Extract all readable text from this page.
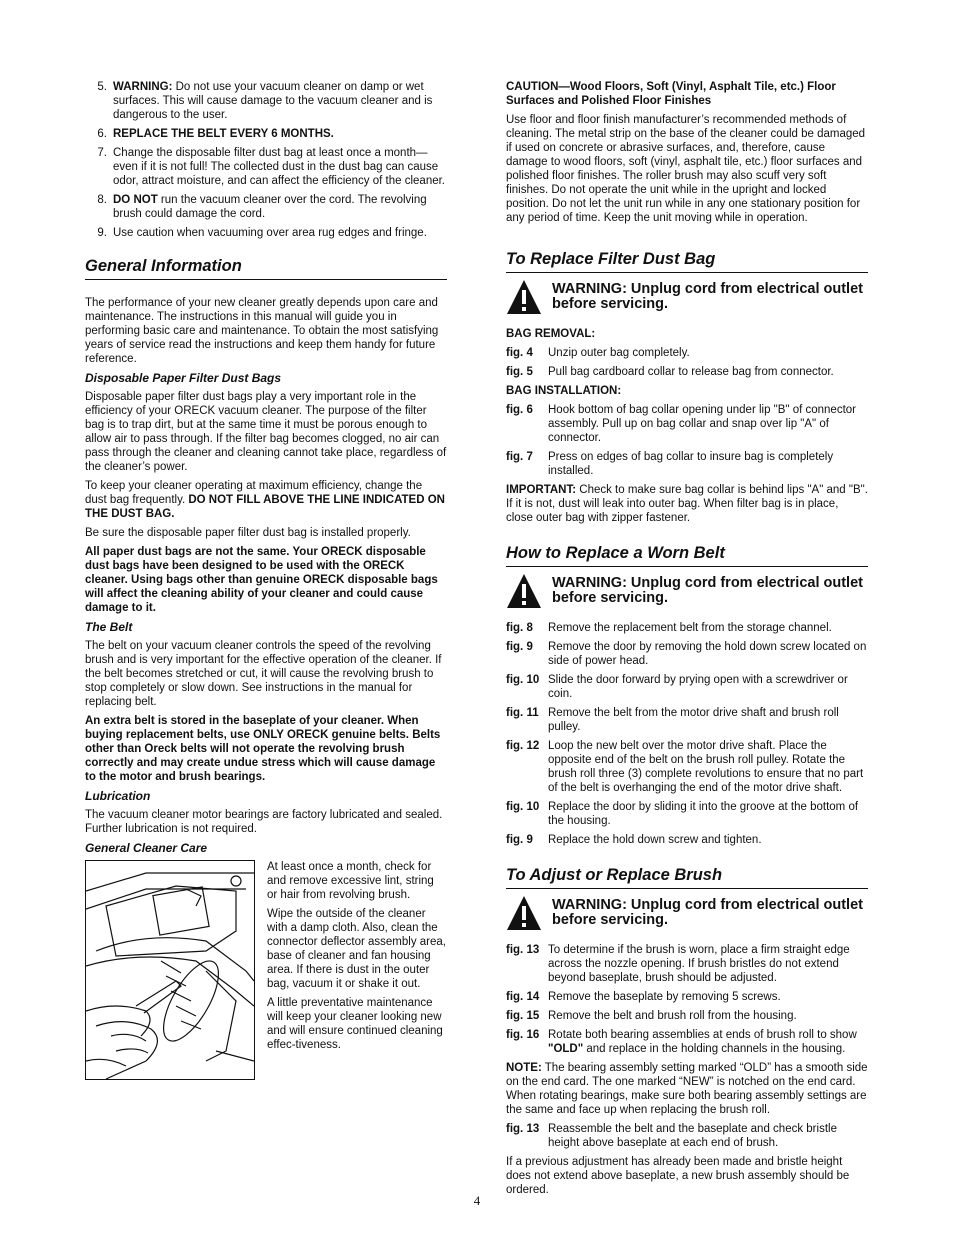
5. WARNING: Do not use your vacuum cleaner on damp or wet surfaces. This will cause damage to the vacuum cleaner and is dangerous to the user.
6. REPLACE THE BELT EVERY 6 MONTHS.
7. Change the disposable filter dust bag at least once a month—even if it is not full! The collected dust in the dust bag can cause odor, attract moisture, and can affect the efficiency of the cleaner.
8. DO NOT run the vacuum cleaner over the cord. The revolving brush could damage the cord.
9. Use caution when vacuuming over area rug edges and fringe.
General Information

The performance of your new cleaner greatly depends upon care and maintenance. The instructions in this manual will guide you in performing basic care and maintenance. To obtain the most satisfying years of service read the instructions and keep them handy for future reference.

Disposable Paper Filter Dust Bags

Disposable paper filter dust bags play a very important role in the efficiency of your ORECK vacuum cleaner. The purpose of the filter bag is to trap dirt, but at the same time it must be porous enough to allow air to pass through. If the filter bag becomes clogged, no air can pass through the cleaner and cleaning cannot take place, regardless of the cleaner’s power.

To keep your cleaner operating at maximum efficiency, change the dust bag frequently. DO NOT FILL ABOVE THE LINE INDICATED ON THE DUST BAG.

Be sure the disposable paper filter dust bag is installed properly.

All paper dust bags are not the same. Your ORECK disposable dust bags have been designed to be used with the ORECK cleaner. Using bags other than genuine ORECK disposable bags will affect the cleaning ability of your cleaner and could cause damage to it.

The Belt

The belt on your vacuum cleaner controls the speed of the revolving brush and is very important for the effective operation of the cleaner. If the belt becomes stretched or cut, it will cause the revolving brush to stop completely or slow down. See instructions in the manual for replacing belt.

An extra belt is stored in the baseplate of your cleaner. When buying replacement belts, use ONLY ORECK genuine belts. Belts other than Oreck belts will not operate the revolving brush correctly and may create undue stress which will cause damage to the motor and brush bearings.

Lubrication

The vacuum cleaner motor bearings are factory lubricated and sealed. Further lubrication is not required.

General Cleaner Care

At least once a month, check for and remove excessive lint, string or hair from revolving brush.

Wipe the outside of the cleaner with a damp cloth. Also, clean the connector deflector assembly area, base of cleaner and fan housing area. If there is dust in the outer bag, vacuum it or shake it out.

A little preventative maintenance will keep your cleaner looking new and will ensure continued cleaning effec-tiveness.

CAUTION—Wood Floors, Soft (Vinyl, Asphalt Tile, etc.) Floor Surfaces and Polished Floor Finishes

Use floor and floor finish manufacturer’s recommended methods of cleaning. The metal strip on the base of the cleaner could be damaged if used on concrete or abrasive surfaces, and, therefore, cause damage to wood floors, soft (vinyl, asphalt tile, etc.) floor surfaces and polished floor finishes. The roller brush may also scuff very soft finishes. Do not operate the unit while in the upright and locked position. Do not let the unit run while in any one stationary position for any period of time. Keep the unit moving while in operation.

To Replace Filter Dust Bag
WARNING: Unplug cord from electrical outlet before servicing.

BAG REMOVAL:

fig. 4	Unzip outer bag completely.
fig. 5	Pull bag cardboard collar to release bag from connector.

BAG INSTALLATION:

fig. 6	Hook bottom of bag collar opening under lip "B" of connector assembly. Pull up on bag collar and snap over lip "A" of connector.
fig. 7	Press on edges of bag collar to insure bag is completely installed.

IMPORTANT: Check to make sure bag collar is behind lips "A" and "B". If it is not, dust will leak into outer bag. When filter bag is in place, close outer bag with zipper fastener.

How to Replace a Worn Belt
WARNING: Unplug cord from electrical outlet before servicing.
fig. 8	Remove the replacement belt from the storage channel.
fig. 9	Remove the door by removing the hold down screw located on side of power head.
fig. 10 Slide the door forward by prying open with a screwdriver or coin.
fig. 11 Remove the belt from the motor drive shaft and brush roll pulley.
fig. 12 Loop the new belt over the motor drive shaft. Place the opposite end of the belt on the brush roll pulley. Rotate the brush roll three (3) complete revolutions to ensure that no part of the belt is overhanging the end of the motor drive shaft.
fig. 10 Replace the door by sliding it into the groove at the bottom of the housing.
fig. 9	Replace the hold down screw and tighten.
To Adjust or Replace Brush
WARNING: Unplug cord from electrical outlet before servicing.
fig. 13 To determine if the brush is worn, place a firm straight edge across the nozzle opening. If brush bristles do not extend beyond baseplate, brush should be adjusted.
fig. 14 Remove the baseplate by removing 5 screws.
fig. 15 Remove the belt and brush roll from the housing.
fig. 16 Rotate both bearing assemblies at ends of brush roll to show "OLD" and replace in the holding channels in the housing.

NOTE: The bearing assembly setting marked “OLD” has a smooth side on the end card. The one marked “NEW” is notched on the end card. When rotating bearings, make sure both bearing assembly settings are the same and face up when replacing the brush roll.

fig. 13 Reassemble the belt and the baseplate and check bristle height above baseplate at each end of brush.

If a previous adjustment has already been made and bristle height does not extend above baseplate, a new brush assembly should be ordered.

4
